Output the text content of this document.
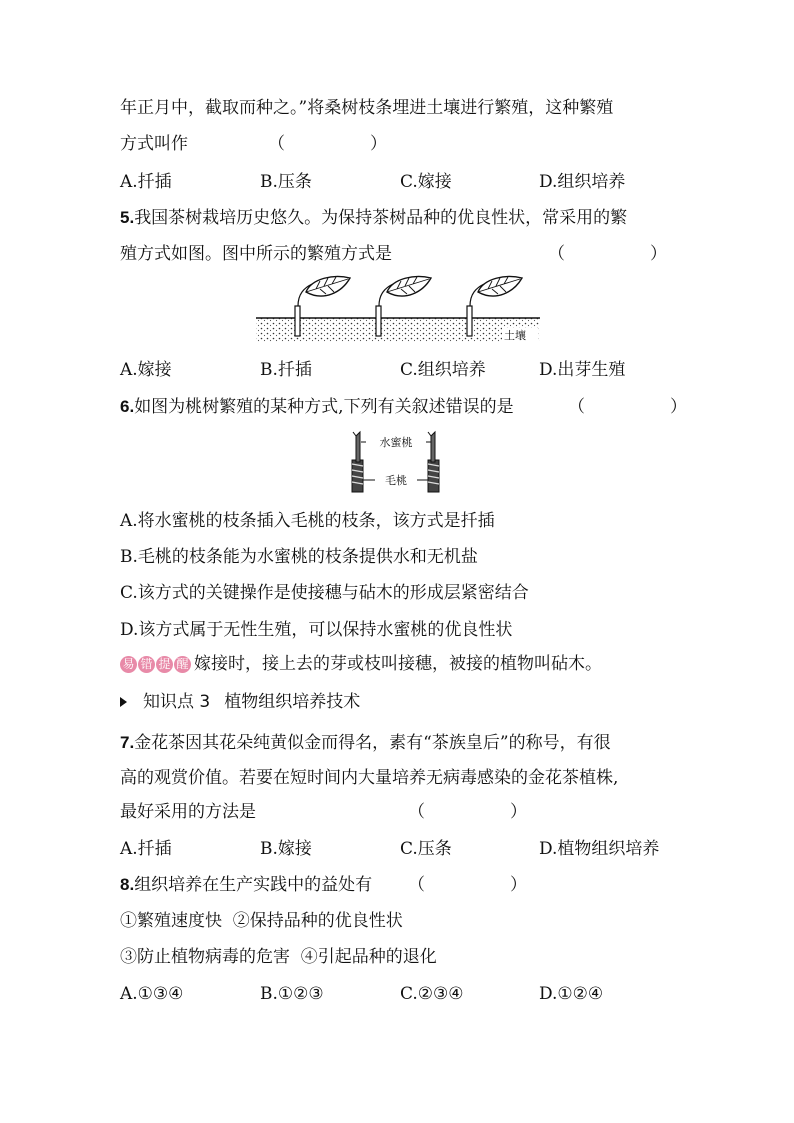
年正月中，截取而种之。”将桑树枝条埋进土壤进行繁殖，这种繁殖
方式叫作	（	）
A.扦插	B.压条	C.嫁接	D.组织培养
5.我国茶树栽培历史悠久。为保持茶树品种的优良性状，常采用的繁
殖方式如图。图中所示的繁殖方式是	（	）
土壤
A.嫁接	B.扦插	C.组织培养	D.出芽生殖
6.如图为桃树繁殖的某种方式,下列有关叙述错误的是	（	）
水蜜桃
毛桃
A.将水蜜桃的枝条插入毛桃的枝条，该方式是扦插
B.毛桃的枝条能为水蜜桃的枝条提供水和无机盐
C.该方式的关键操作是使接穗与砧木的形成层紧密结合
D.该方式属于无性生殖，可以保持水蜜桃的优良性状
易 错 提 醒 嫁接时，接上去的芽或枝叫接穗，被接的植物叫砧木。
知识点 3 植物组织培养技术
7.金花茶因其花朵纯黄似金而得名，素有“茶族皇后”的称号，有很
高的观赏价值。若要在短时间内大量培养无病毒感染的金花茶植株,
最好采用的方法是	（	）
A.扦插	B.嫁接	C.压条	D.植物组织培养
8.组织培养在生产实践中的益处有 （	）
①繁殖速度快  ②保持品种的优良性状
③防止植物病毒的危害  ④引起品种的退化
A.①③④	B.①②③	C.②③④	D.①②④
